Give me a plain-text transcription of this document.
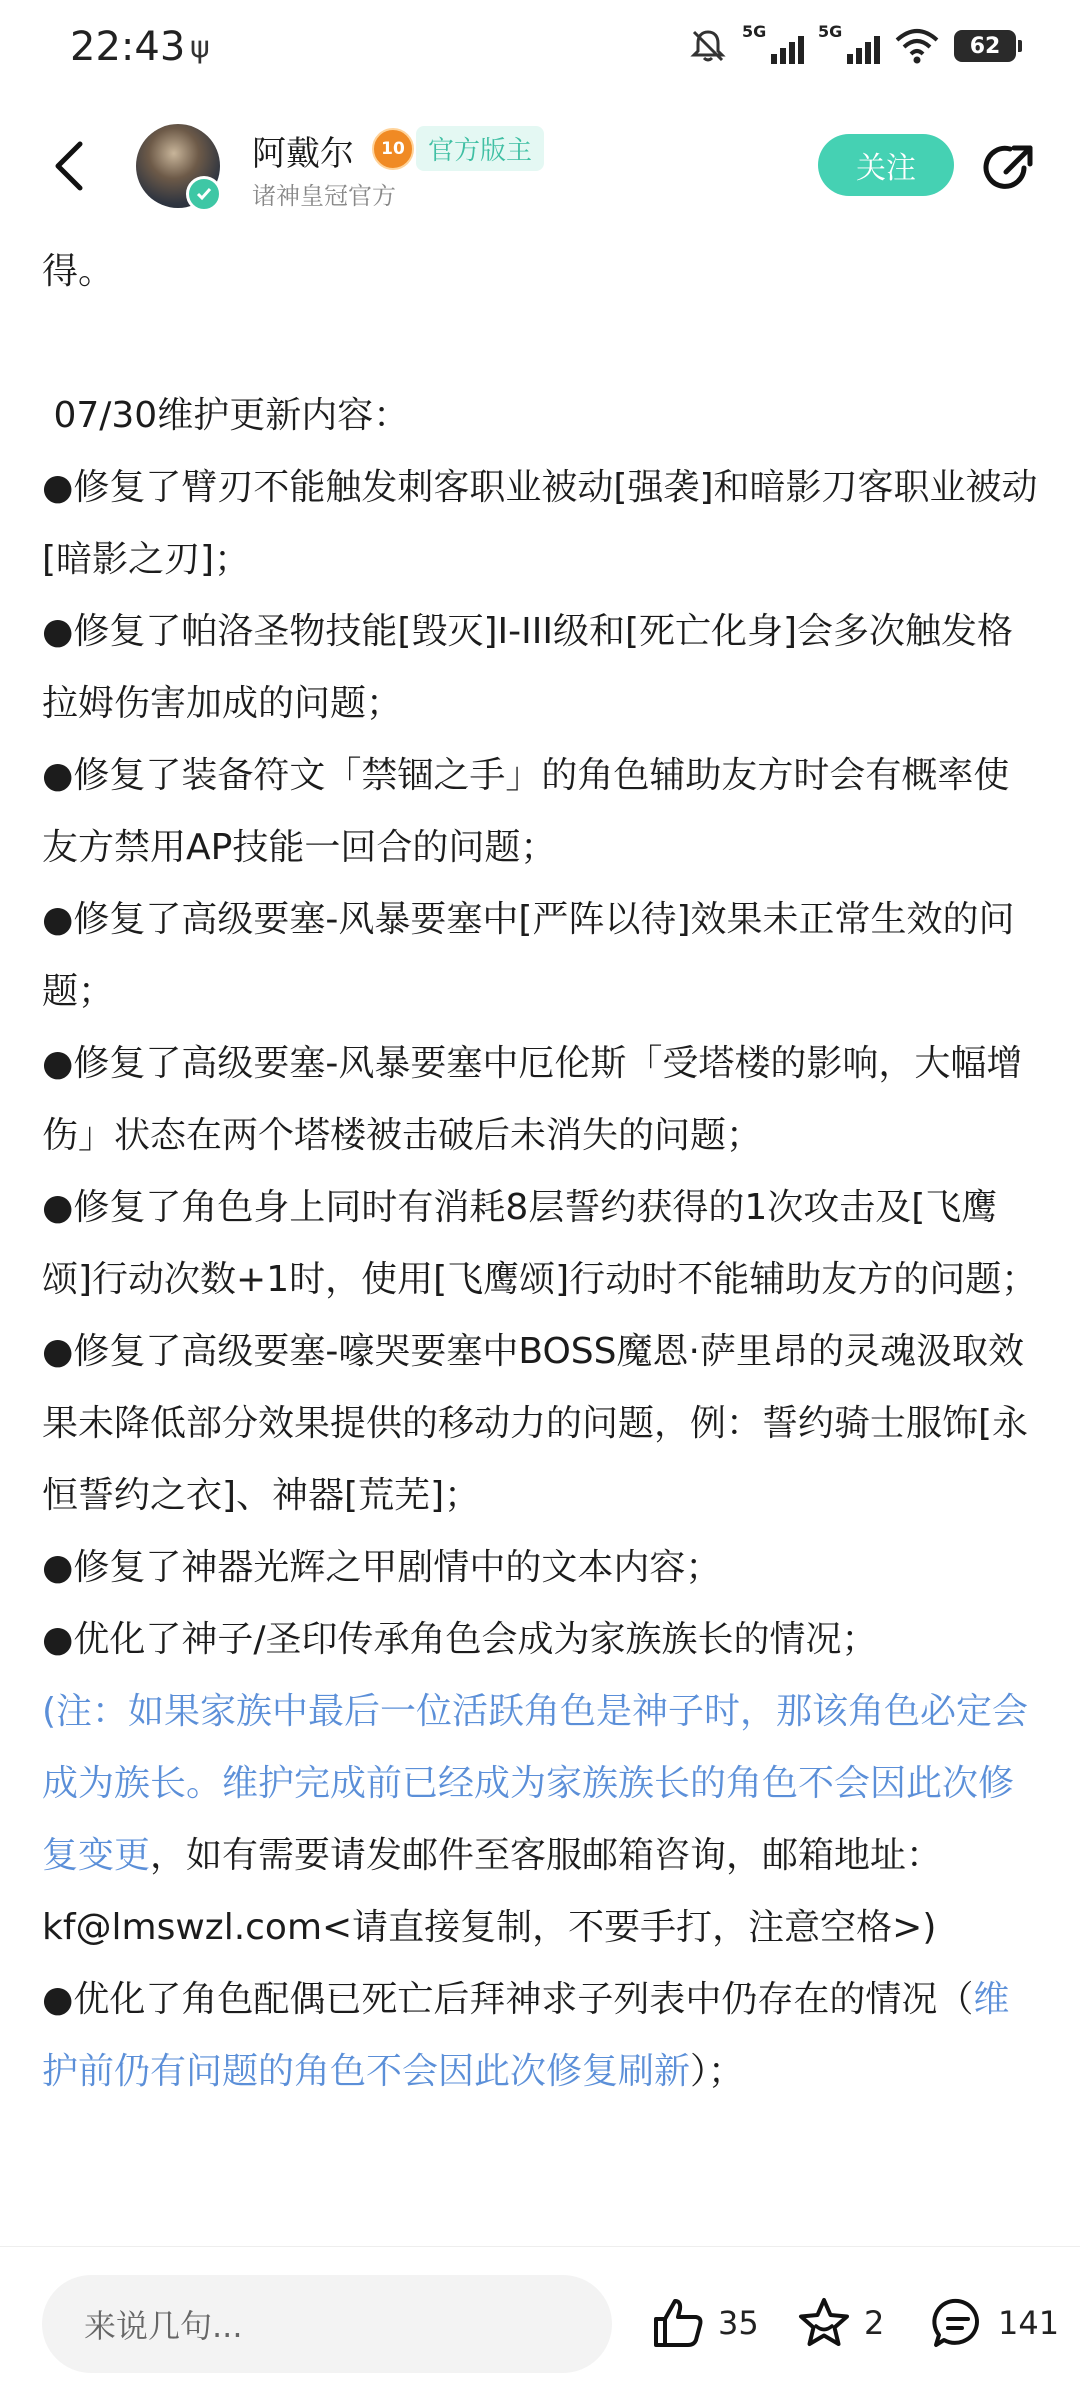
22:43 ψ	5G	5G
62
阿戴尔	10 官方版主
诸神皇冠官方
关注

得。

07/30维护更新内容：

●修复了臂刃不能触发刺客职业被动[强袭]和暗影刀客职业被动[暗影之刃]；

●修复了帕洛圣物技能[毁灭]I-III级和[死亡化身]会多次触发格拉姆伤害加成的问题；

●修复了装备符文「禁锢之手」的角色辅助友方时会有概率使友方禁用AP技能一回合的问题；

●修复了高级要塞-风暴要塞中[严阵以待]效果未正常生效的问题；

●修复了高级要塞-风暴要塞中厄伦斯「受塔楼的影响，大幅增伤」状态在两个塔楼被击破后未消失的问题；

●修复了角色身上同时有消耗8层誓约获得的1次攻击及[飞鹰颂]行动次数+1时，使用[飞鹰颂]行动时不能辅助友方的问题；

●修复了高级要塞-嚎哭要塞中BOSS魔恩·萨里昂的灵魂汲取效果未降低部分效果提供的移动力的问题，例：誓约骑士服饰[永恒誓约之衣]、神器[荒芜]；

●修复了神器光辉之甲剧情中的文本内容；

●优化了神子/圣印传承角色会成为家族族长的情况；

(注：如果家族中最后一位活跃角色是神子时，那该角色必定会成为族长。维护完成前已经成为家族族长的角色不会因此次修复变更，如有需要请发邮件至客服邮箱咨询，邮箱地址：kf@lmswzl.com<请直接复制，不要手打，注意空格>)

●优化了角色配偶已死亡后拜神求子列表中仍存在的情况（维护前仍有问题的角色不会因此次修复刷新）；

来说几句...	35	2	141
